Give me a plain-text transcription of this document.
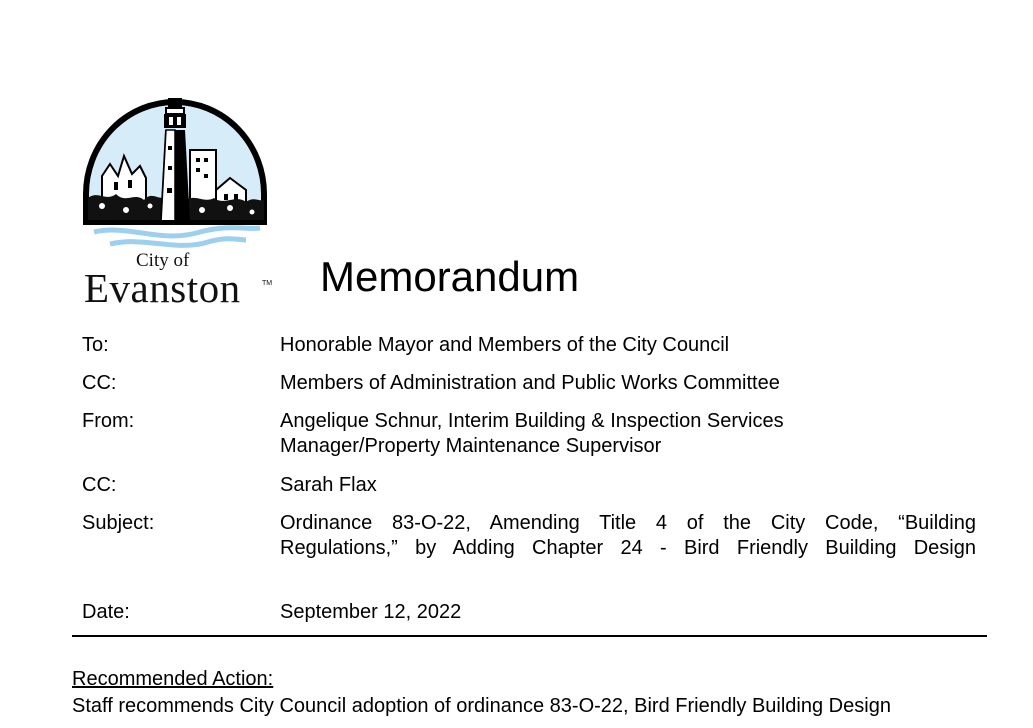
City of
Evanston	TM Memorandum
To:	Honorable Mayor and Members of the City Council
CC:	Members of Administration and Public Works Committee
From:	Angelique Schnur, Interim Building & Inspection Services
Manager/Property Maintenance Supervisor
CC:	Sarah Flax
Subject:	Ordinance 83-O-22, Amending Title 4 of the City Code, “Building
Regulations,” by Adding Chapter 24 - Bird Friendly Building Design
Date:	September 12, 2022
Recommended Action:
Staff recommends City Council adoption of ordinance 83-O-22, Bird Friendly Building Design
